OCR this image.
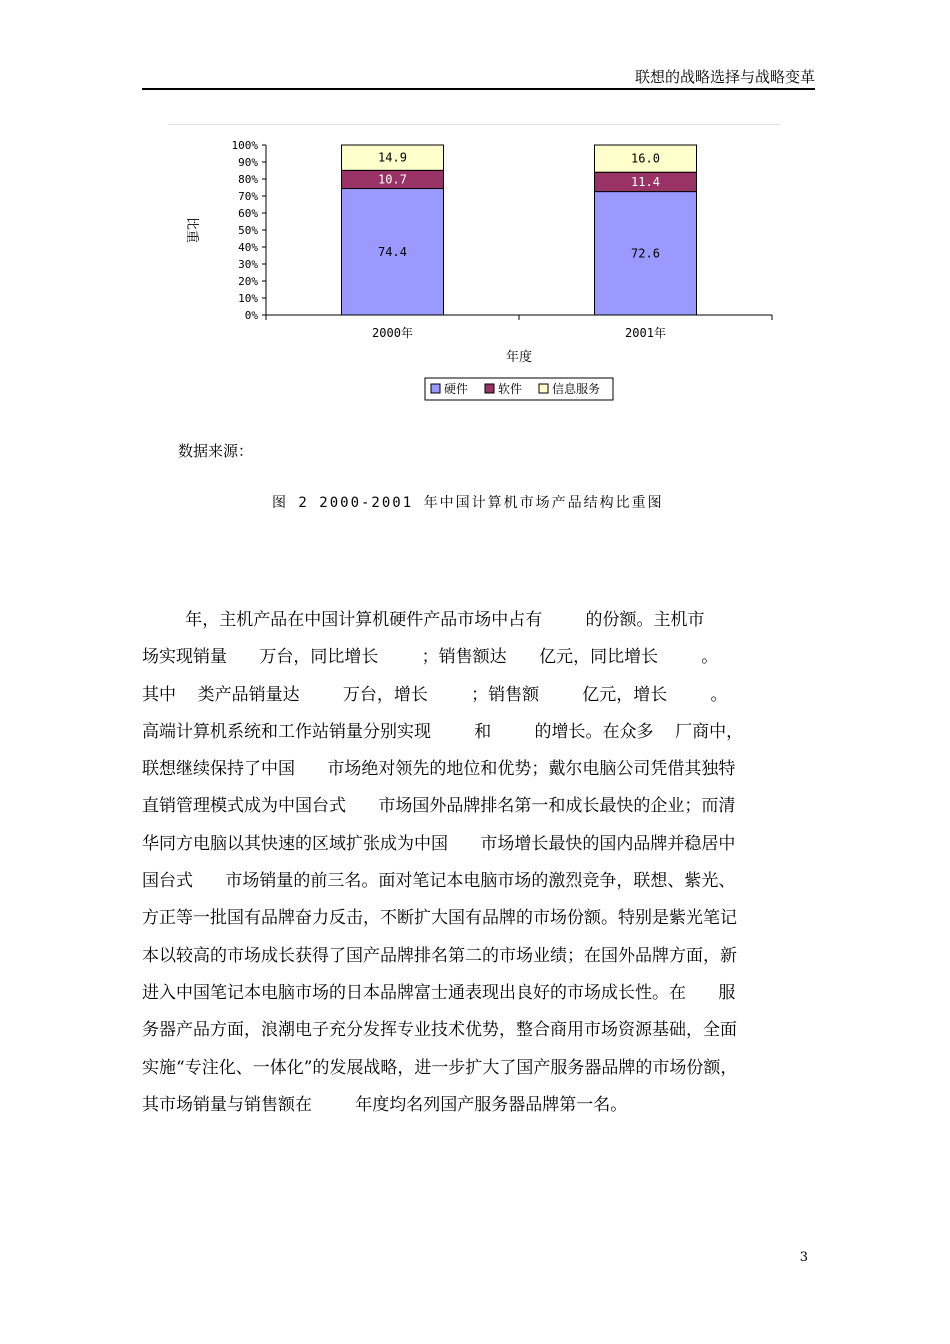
联想的战略选择与战略变革
0%
10%
20%
30%
40%
50%
60%
70%
80%
90%
100%
74.4
10.7
14.9
72.6
11.4
16.0
2000年	2001年
比重
年度
硬件 软件 信息服务
数据来源：
图 2 2000-2001 年中国计算机市场产品结构比重图
年，主机产品在中国计算机硬件产品市场中占有        的份额。主机市
场实现销量      万台，同比增长        ；销售额达      亿元，同比增长        。
其中    类产品销量达        万台，增长        ；销售额        亿元，增长        。
高端计算机系统和工作站销量分别实现        和        的增长。在众多    厂商中，
联想继续保持了中国      市场绝对领先的地位和优势；戴尔电脑公司凭借其独特
直销管理模式成为中国台式      市场国外品牌排名第一和成长最快的企业；而清
华同方电脑以其快速的区域扩张成为中国      市场增长最快的国内品牌并稳居中
国台式      市场销量的前三名。面对笔记本电脑市场的激烈竞争，联想、紫光、
方正等一批国有品牌奋力反击，不断扩大国有品牌的市场份额。特别是紫光笔记
本以较高的市场成长获得了国产品牌排名第二的市场业绩；在国外品牌方面，新
进入中国笔记本电脑市场的日本品牌富士通表现出良好的市场成长性。在      服
务器产品方面，浪潮电子充分发挥专业技术优势，整合商用市场资源基础，全面
实施“专注化、一体化”的发展战略，进一步扩大了国产服务器品牌的市场份额，
其市场销量与销售额在        年度均名列国产服务器品牌第一名。
3
